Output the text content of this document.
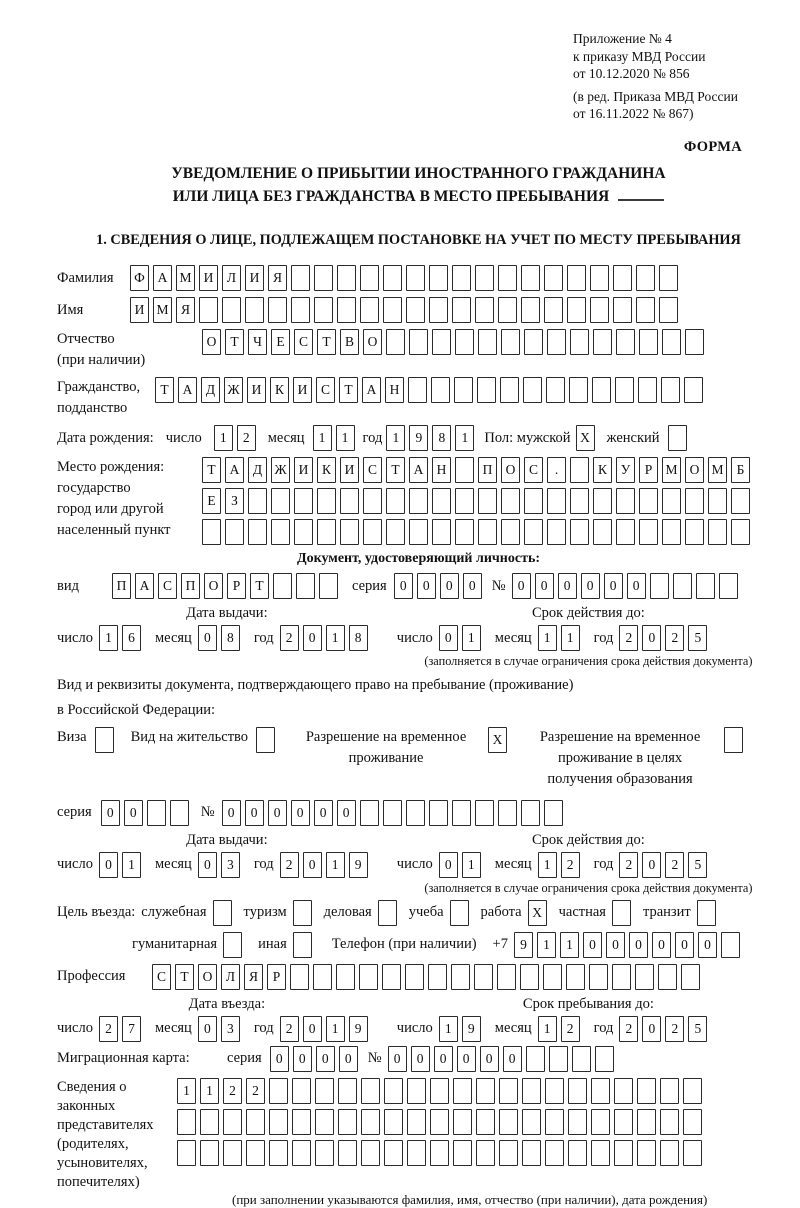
Приложение № 4
к приказу МВД России
от 10.12.2020 № 856
(в ред. Приказа МВД России
от 16.11.2022 № 867)
ФОРМА
УВЕДОМЛЕНИЕ О ПРИБЫТИИ ИНОСТРАННОГО ГРАЖДАНИНА
ИЛИ ЛИЦА БЕЗ ГРАЖДАНСТВА В МЕСТО ПРЕБЫВАНИЯ
1. СВЕДЕНИЯ О ЛИЦЕ, ПОДЛЕЖАЩЕМ ПОСТАНОВКЕ НА УЧЕТ ПО МЕСТУ ПРЕБЫВАНИЯ
Фамилия	Ф А М И	Л	И	Я
Имя	И М Я
Отчество
(при наличии)
О	Т	Ч	Е	С	Т	В	О
Гражданство,
подданство
Т	А	Д Ж И	К	И	С	Т	А Н
Дата рождения: число	1	2	месяц	1	1 год 1	9	8	1	Пол: мужской X	женский
Место рождения:
государство
город или другой
населенный пункт
Т	А	Д Ж И	К	И	С	Т	А Н	П О	С	.	К	У	Р М О М Б
Е	З
Документ, удостоверяющий личность:
вид	П А	С	П О	Р	Т	серия 0	0	0	0	№ 0	0	0	0	0	0
Дата выдачи:
число 1	6	месяц 0	8	год 2	0	1	8
Срок действия до:
число 0	1	месяц 1	1	год 2	0	2	5
(заполняется в случае ограничения срока действия документа)
Вид и реквизиты документа, подтверждающего право на пребывание (проживание)
в Российской Федерации:
Виза	Вид на жительство	Разрешение на временное проживание
X	Разрешение на временное проживание в целях получения образования
серия	0	0	№ 0	0	0	0	0	0
Дата выдачи:
число 0	1	месяц 0	3	год 2	0	1	9
Срок действия до:
число 0	1	месяц 1	2	год 2	0	2	5
(заполняется в случае ограничения срока действия документа)
Цель въезда: служебная	туризм	деловая	учеба	работа X	частная	транзит
гуманитарная	иная	Телефон (при наличии) +7 9	1	1	0	0	0	0	0	0
Профессия	С	Т	О	Л	Я	Р
Дата въезда:
число 2	7	месяц 0	3	год 2	0	1	9
Срок пребывания до:
число 1	9	месяц 1	2	год 2	0	2	5
Миграционная карта:	серия	0	0	0	0	№ 0	0	0	0	0	0
Сведения о
законных
представителях
(родителях,
усыновителях,
попечителях)
1	1	2	2
(при заполнении указываются фамилия, имя, отчество (при наличии), дата рождения)
